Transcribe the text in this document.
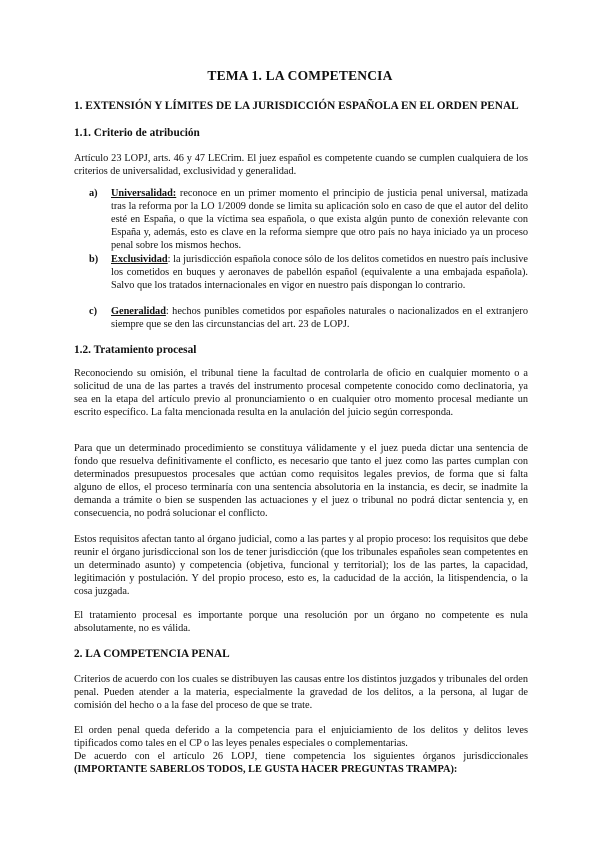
TEMA 1. LA COMPETENCIA
1. EXTENSIÓN Y LÍMITES DE LA JURISDICCIÓN ESPAÑOLA EN EL ORDEN PENAL
1.1. Criterio de atribución

Artículo 23 LOPJ, arts. 46 y 47 LECrim. El juez español es competente cuando se cumplen cualquiera de los criterios de universalidad, exclusividad y generalidad.

a) Universalidad: reconoce en un primer momento el principio de justicia penal universal, matizada tras la reforma por la LO 1/2009 donde se limita su aplicación solo en caso de que el autor del delito esté en España, o que la víctima sea española, o que exista algún punto de conexión relevante con España y, además, esto es clave en la reforma siempre que otro país no haya iniciado ya un proceso penal sobre los mismos hechos.
b) Exclusividad: la jurisdicción española conoce sólo de los delitos cometidos en nuestro país inclusive los cometidos en buques y aeronaves de pabellón español (equivalente a una embajada española). Salvo que los tratados internacionales en vigor en nuestro país dispongan lo contrario.
c) Generalidad: hechos punibles cometidos por españoles naturales o nacionalizados en el extranjero siempre que se den las circunstancias del art. 23 de LOPJ.
1.2. Tratamiento procesal

Reconociendo su omisión, el tribunal tiene la facultad de controlarla de oficio en cualquier momento o a solicitud de una de las partes a través del instrumento procesal competente conocido como declinatoria, ya sea en la etapa del artículo previo al pronunciamiento o en cualquier otro momento procesal mediante un escrito específico. La falta mencionada resulta en la anulación del juicio según corresponda.

Para que un determinado procedimiento se constituya válidamente y el juez pueda dictar una sentencia de fondo que resuelva definitivamente el conflicto, es necesario que tanto el juez como las partes cumplan con determinados presupuestos procesales que actúan como requisitos legales previos, de forma que si falta alguno de ellos, el proceso terminaría con una sentencia absolutoria en la instancia, es decir, se inadmite la demanda a trámite o bien se suspenden las actuaciones y el juez o tribunal no podrá dictar sentencia y, en consecuencia, no podrá solucionar el conflicto.

Estos requisitos afectan tanto al órgano judicial, como a las partes y al propio proceso: los requisitos que debe reunir el órgano jurisdiccional son los de tener jurisdicción (que los tribunales españoles sean competentes en un determinado asunto) y competencia (objetiva, funcional y territorial); los de las partes, la capacidad, legitimación y postulación. Y del propio proceso, esto es, la caducidad de la acción, la litispendencia, o la cosa juzgada.

El tratamiento procesal es importante porque una resolución por un órgano no competente es nula absolutamente, no es válida.

2. LA COMPETENCIA PENAL

Criterios de acuerdo con los cuales se distribuyen las causas entre los distintos juzgados y tribunales del orden penal. Pueden atender a la materia, especialmente la gravedad de los delitos, a la persona, al lugar de comisión del hecho o a la fase del proceso de que se trate.

El orden penal queda deferido a la competencia para el enjuiciamiento de los delitos y delitos leves tipificados como tales en el CP o las leyes penales especiales o complementarias.

De acuerdo con el artículo 26 LOPJ, tiene competencia los siguientes órganos jurisdiccionales (IMPORTANTE SABERLOS TODOS, LE GUSTA HACER PREGUNTAS TRAMPA):
